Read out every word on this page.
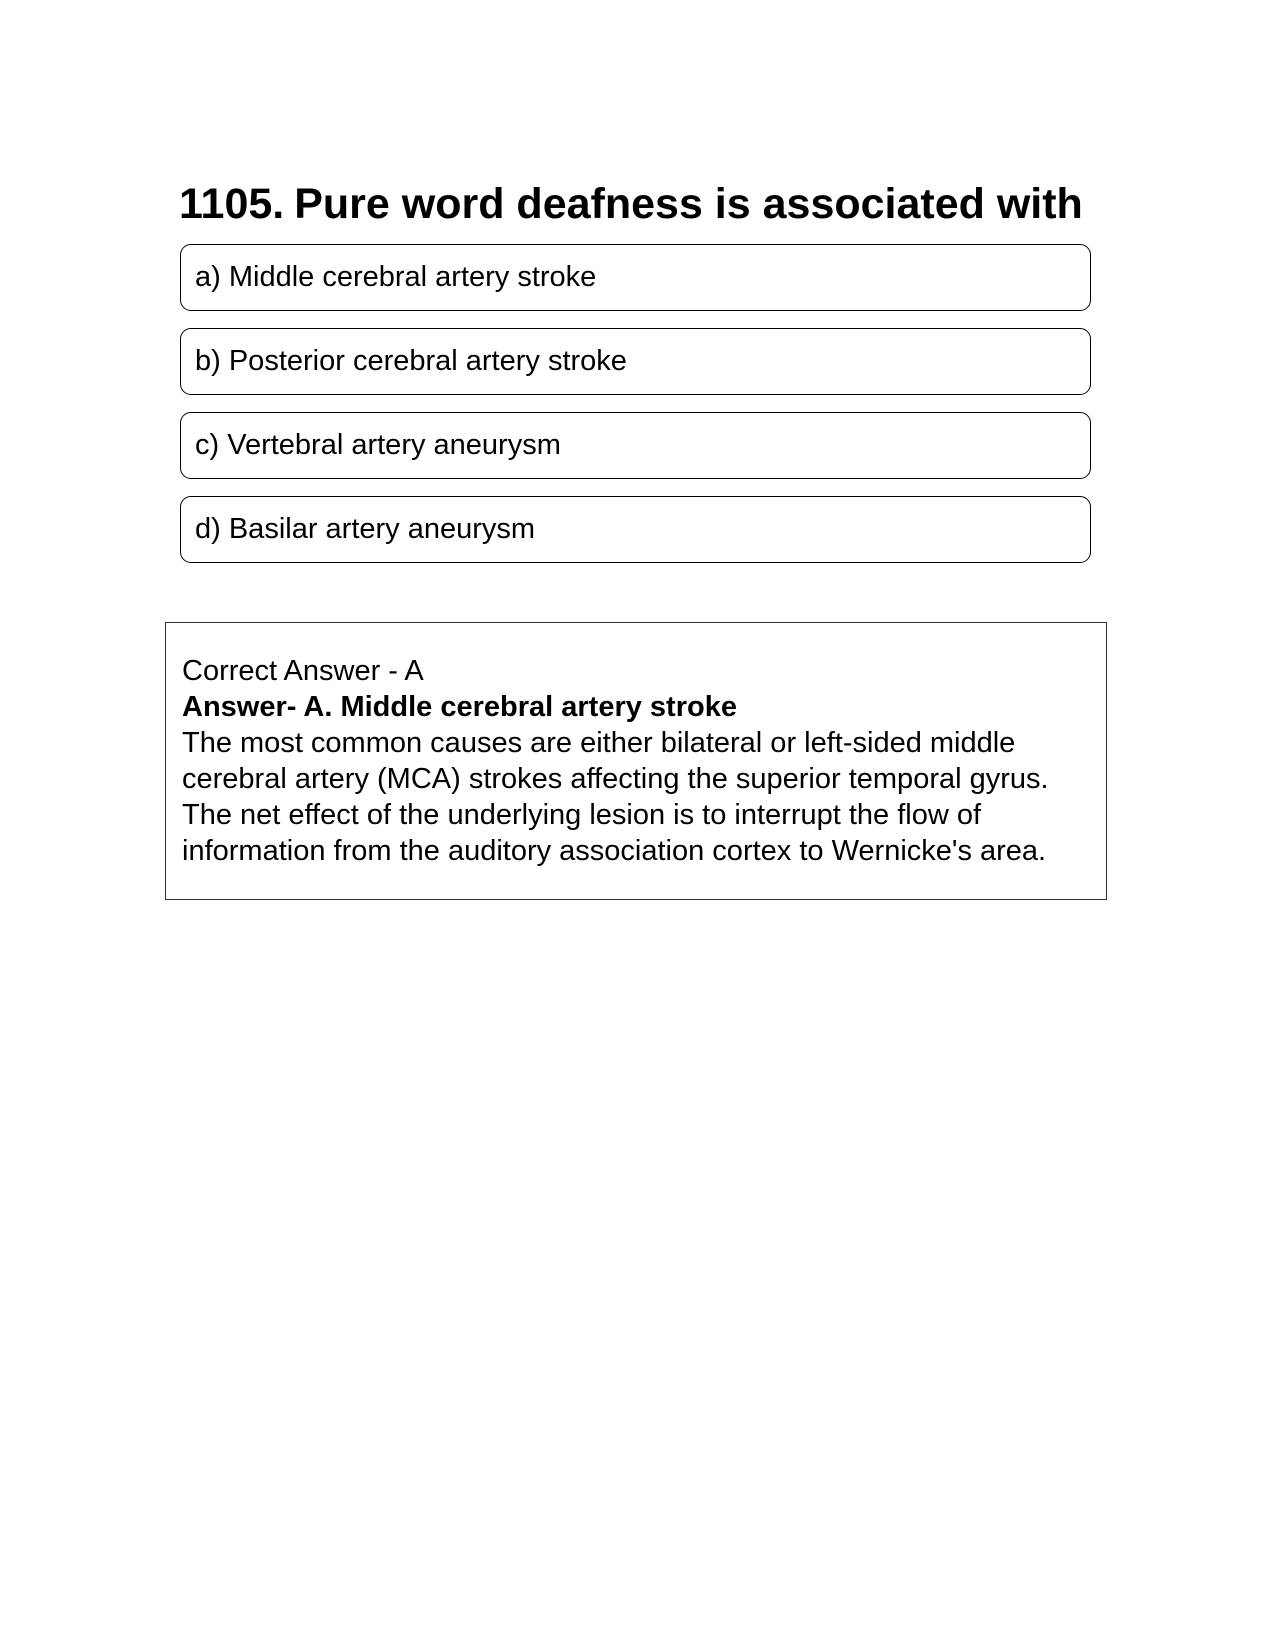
1105. Pure word deafness is associated with
a) Middle cerebral artery stroke
b) Posterior cerebral artery stroke
c) Vertebral artery aneurysm
d) Basilar artery aneurysm
Correct Answer - A
Answer- A. Middle cerebral artery stroke
The most common causes are either bilateral or left-sided middle cerebral artery (MCA) strokes affecting the superior temporal gyrus. The net effect of the underlying lesion is to interrupt the flow of information from the auditory association cortex to Wernicke's area.
